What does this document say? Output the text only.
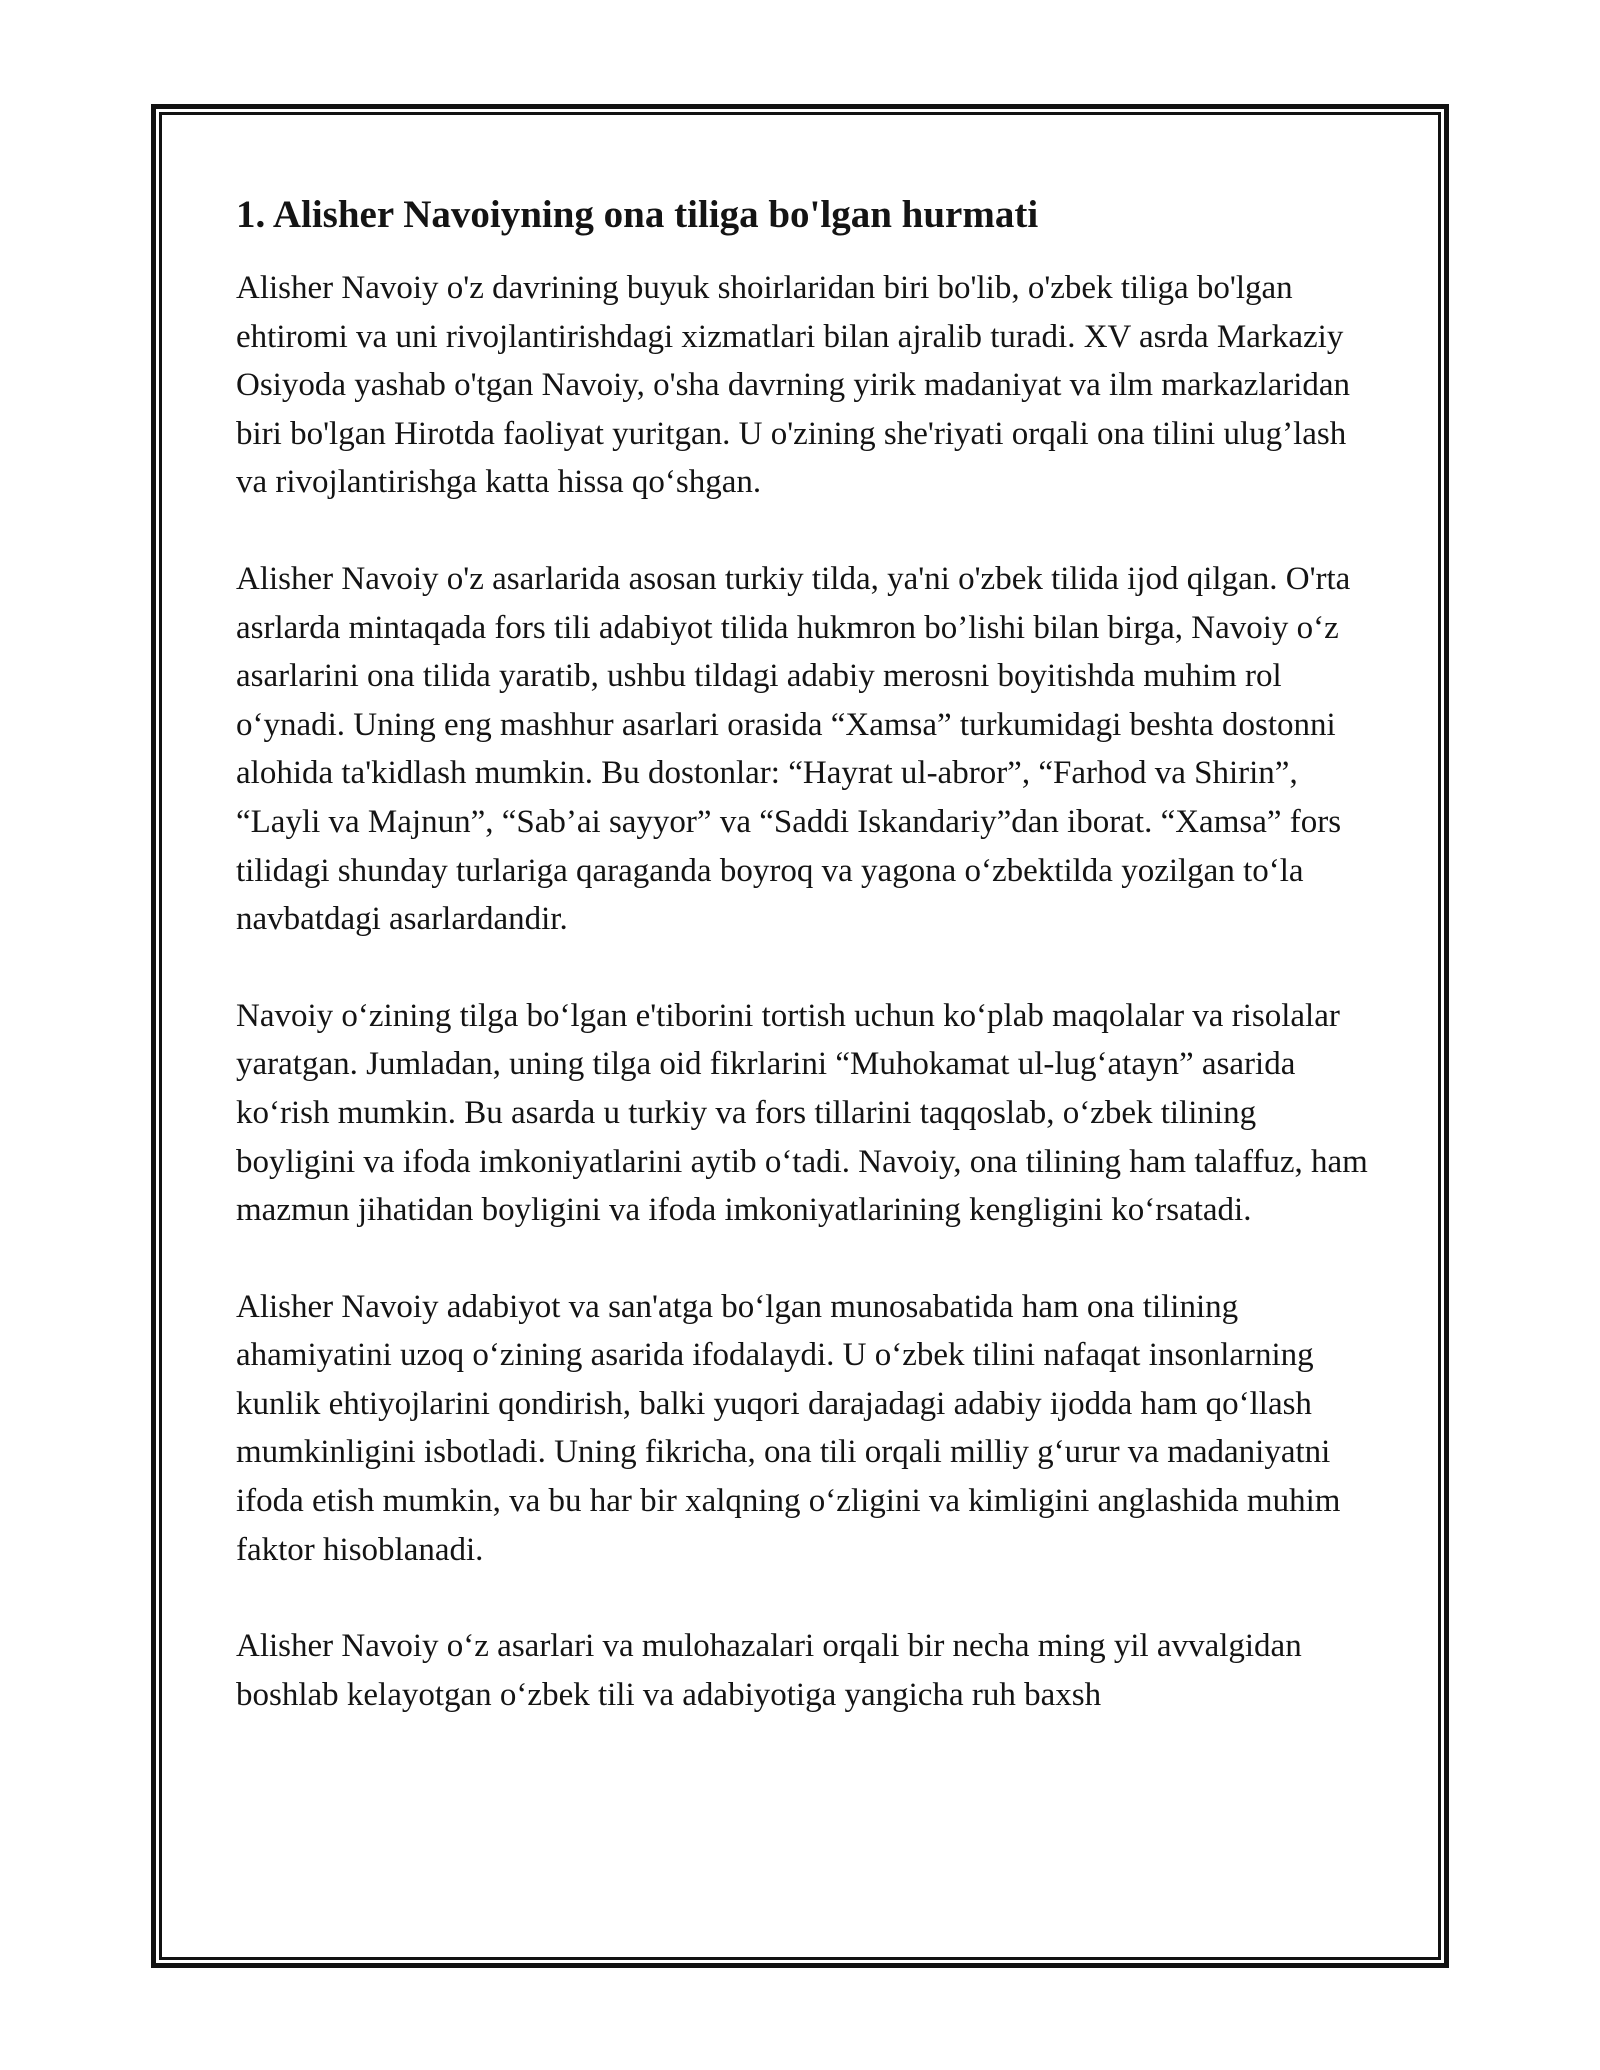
1. Alisher Navoiyning ona tiliga bo'lgan hurmati

Alisher Navoiy o'z davrining buyuk shoirlaridan biri bo'lib, o'zbek tiliga bo'lgan ehtiromi va uni rivojlantirishdagi xizmatlari bilan ajralib turadi. XV asrda Markaziy Osiyoda yashab o'tgan Navoiy, o'sha davrning yirik madaniyat va ilm markazlaridan biri bo'lgan Hirotda faoliyat yuritgan. U o'zining she'riyati orqali ona tilini ulug’lash va rivojlantirishga katta hissa qo‘shgan.

Alisher Navoiy o'z asarlarida asosan turkiy tilda, ya'ni o'zbek tilida ijod qilgan. O'rta asrlarda mintaqada fors tili adabiyot tilida hukmron bo’lishi bilan birga, Navoiy o‘z asarlarini ona tilida yaratib, ushbu tildagi adabiy merosni boyitishda muhim rol o‘ynadi. Uning eng mashhur asarlari orasida “Xamsa” turkumidagi beshta dostonni alohida ta'kidlash mumkin. Bu dostonlar: “Hayrat ul-abror”, “Farhod va Shirin”, “Layli va Majnun”, “Sab’ai sayyor” va “Saddi Iskandariy”dan iborat. “Xamsa” fors tilidagi shunday turlariga qaraganda boyroq va yagona o‘zbektilda yozilgan to‘la navbatdagi asarlardandir.

Navoiy o‘zining tilga bo‘lgan e'tiborini tortish uchun ko‘plab maqolalar va risolalar yaratgan. Jumladan, uning tilga oid fikrlarini “Muhokamat ul-lug‘atayn” asarida ko‘rish mumkin. Bu asarda u turkiy va fors tillarini taqqoslab, o‘zbek tilining boyligini va ifoda imkoniyatlarini aytib o‘tadi. Navoiy, ona tilining ham talaffuz, ham mazmun jihatidan boyligini va ifoda imkoniyatlarining kengligini ko‘rsatadi.

Alisher Navoiy adabiyot va san'atga bo‘lgan munosabatida ham ona tilining ahamiyatini uzoq o‘zining asarida ifodalaydi. U o‘zbek tilini nafaqat insonlarning kunlik ehtiyojlarini qondirish, balki yuqori darajadagi adabiy ijodda ham qo‘llash mumkinligini isbotladi. Uning fikricha, ona tili orqali milliy g‘urur va madaniyatni ifoda etish mumkin, va bu har bir xalqning o‘zligini va kimligini anglashida muhim faktor hisoblanadi.

Alisher Navoiy o‘z asarlari va mulohazalari orqali bir necha ming yil avvalgidan boshlab kelayotgan o‘zbek tili va adabiyotiga yangicha ruh baxsh
